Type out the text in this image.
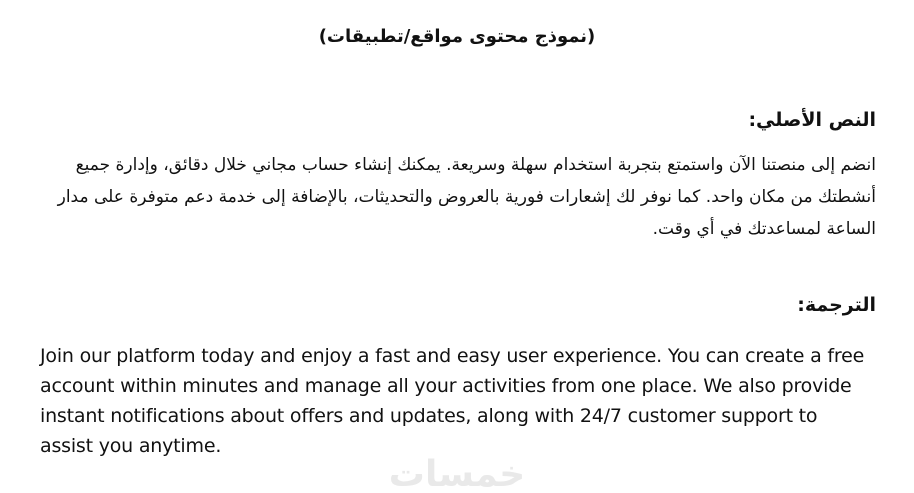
(نموذج محتوى مواقع/تطبيقات)
النص الأصلي:
انضم إلى منصتنا الآن واستمتع بتجربة استخدام سهلة وسريعة. يمكنك إنشاء حساب مجاني خلال دقائق، وإدارة جميع أنشطتك من مكان واحد. كما نوفر لك إشعارات فورية بالعروض والتحديثات، بالإضافة إلى خدمة دعم متوفرة على مدار الساعة لمساعدتك في أي وقت.
الترجمة:
Join our platform today and enjoy a fast and easy user experience. You can create a free account within minutes and manage all your activities from one place. We also provide instant notifications about offers and updates, along with 24/7 customer support to assist you anytime.
خمسات
